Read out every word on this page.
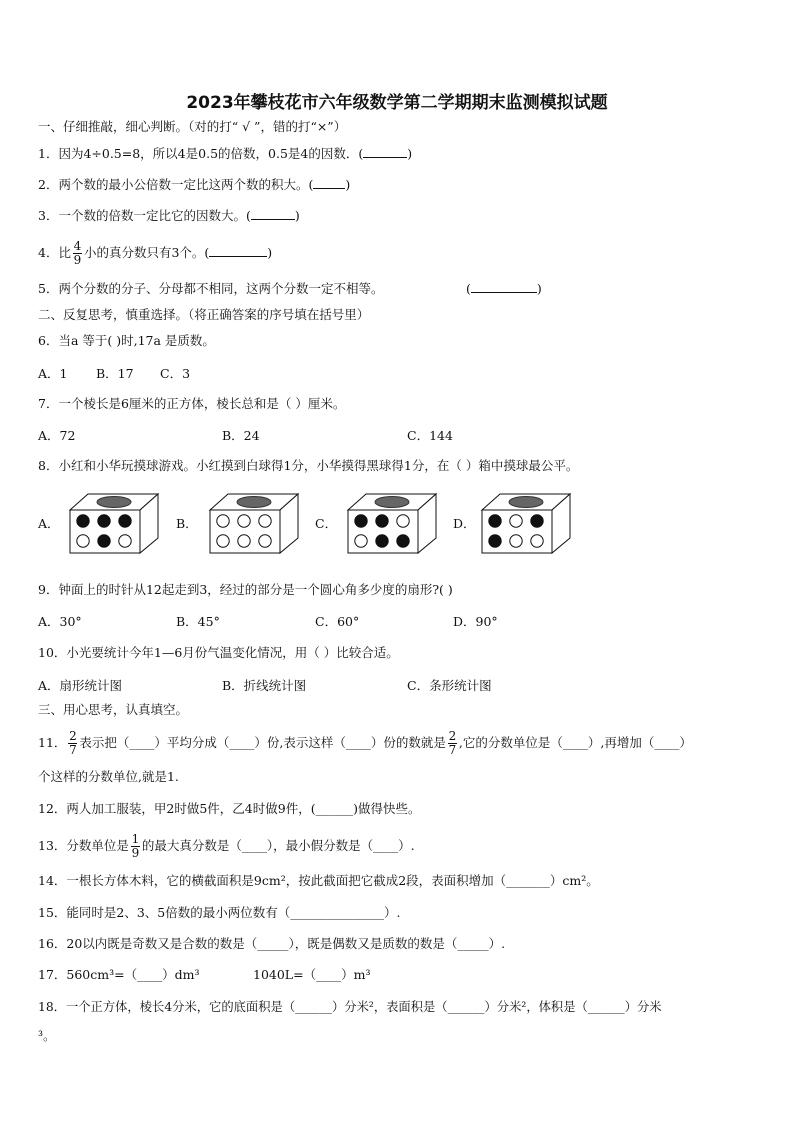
2023年攀枝花市六年级数学第二学期期末监测模拟试题
一、仔细推敲，细心判断。（对的打“ √ ”，错的打“×”）
1．因为4÷0.5=8，所以4是0.5的倍数，0.5是4的因数．(	)
2．两个数的最小公倍数一定比这两个数的积大。(	)
3．一个数的倍数一定比它的因数大。(	)
4．比 $\frac{4}{9}$ 小的真分数只有3个。(	)
5．两个分数的分子、分母都不相同，这两个分数一定不相等。	(	)
二、反复思考，慎重选择。（将正确答案的序号填在括号里）
6．当a 等于( )时,17a 是质数。
A．1 B．17 C．3
7．一个棱长是6厘米的正方体，棱长总和是（ ）厘米。
A．72	B．24	C．144
8．小红和小华玩摸球游戏。小红摸到白球得1分，小华摸得黑球得1分，在（ ）箱中摸球最公平。
A．	B．	C．	D．
9．钟面上的时针从12起走到3，经过的部分是一个圆心角多少度的扇形?( )
A．30°	B．45°	C．60°	D．90°
10．小光要统计今年1—6月份气温变化情况，用（ ）比较合适。
A．扇形统计图	B．折线统计图	C．条形统计图
三、用心思考，认真填空。
11． $\frac{2}{7}$ 表示把（____）平均分成（____）份,表示这样（____）份的数就是 $\frac{2}{7}$ ,它的分数单位是（____）,再增加（____）
个这样的分数单位,就是1.
12．两人加工服装，甲2时做5件，乙4时做9件，(______)做得快些。
13．分数单位是 $\frac{1}{9}$ 的最大真分数是（____），最小假分数是（____）.
14．一根长方体木料，它的横截面积是9cm²，按此截面把它截成2段，表面积增加（_______）cm²。
15．能同时是2、3、5倍数的最小两位数有（_______________）.
16．20以内既是奇数又是合数的数是（_____），既是偶数又是质数的数是（_____）.
17．560cm³=（____）dm³	1040L=（____）m³
18．一个正方体，棱长4分米，它的底面积是（______）分米²，表面积是（______）分米²，体积是（______）分米
³。
